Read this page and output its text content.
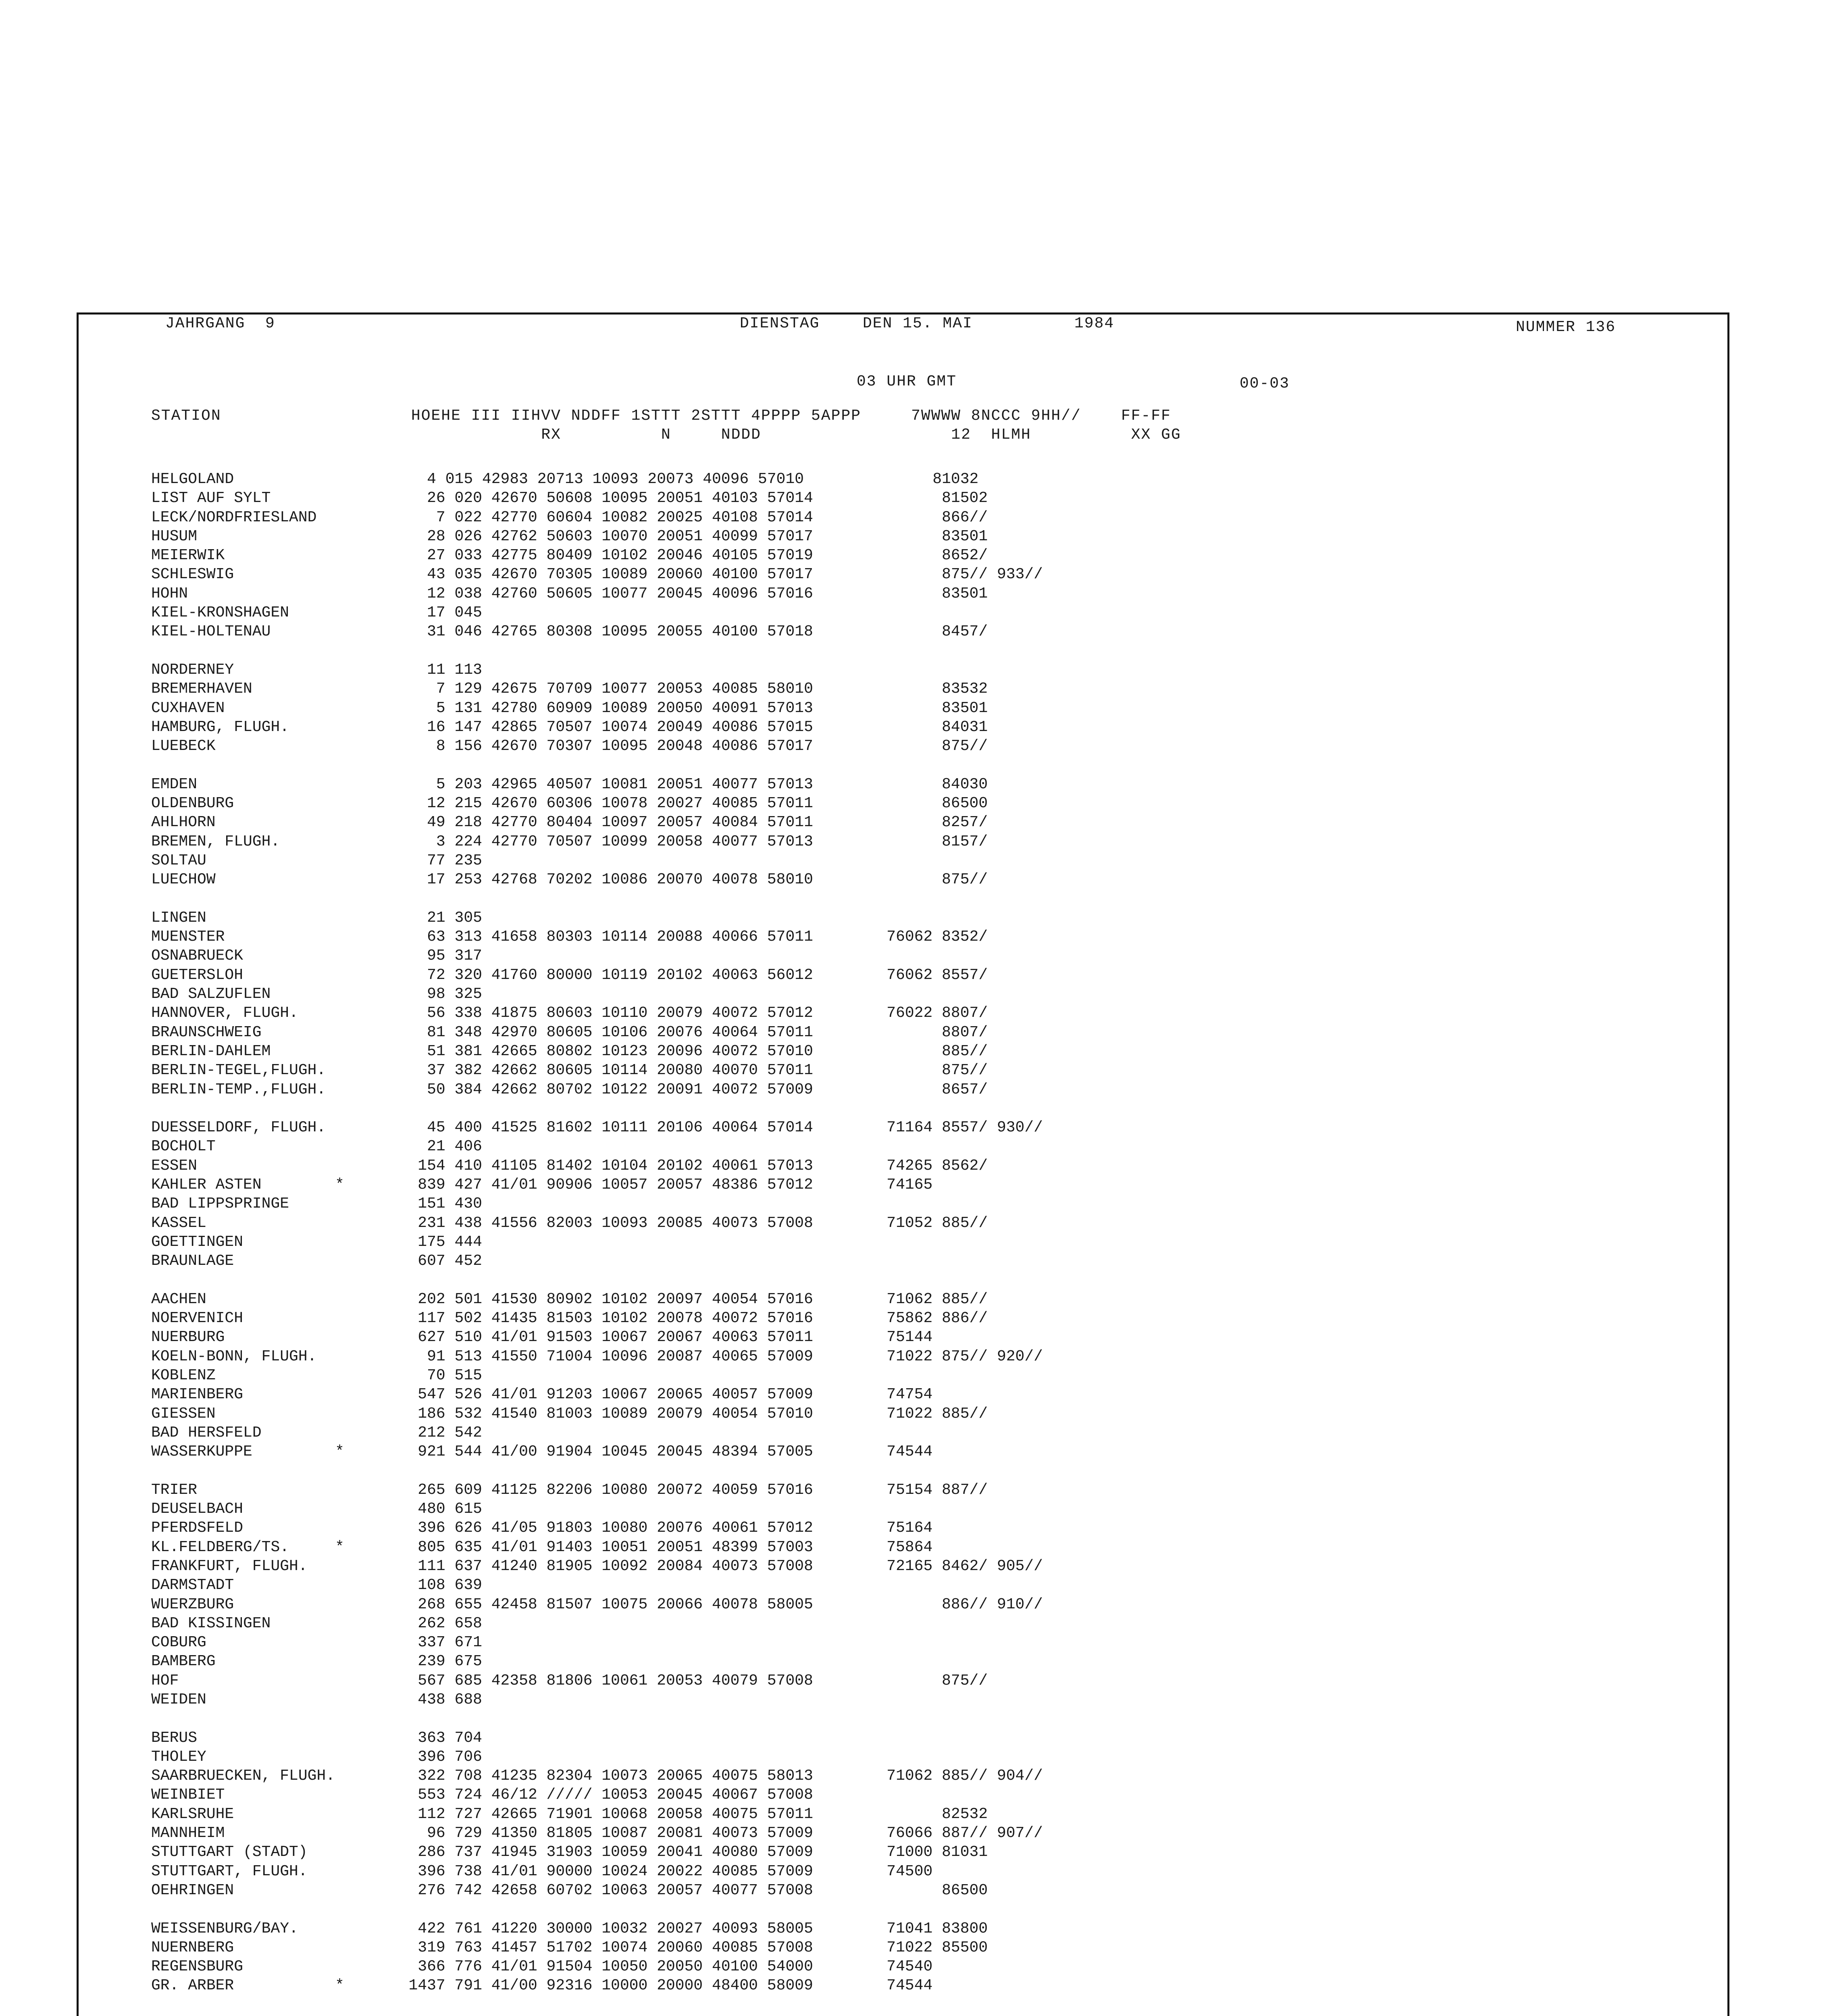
JAHRGANG  9	DIENSTAG	DEN 15. MAI	1984	NUMMER 136
03 UHR GMT	00-03
STATION                   HOEHE III IIHVV NDDFF 1STTT 2STTT 4PPPP 5APPP     7WWWW 8NCCC 9HH//    FF-FF
RX          N     NDDD                   12  HLMH          XX GG
HELGOLAND                     4 015 42983 20713 10093 20073 40096 57010              81032
LIST AUF SYLT                 26 020 42670 50608 10095 20051 40103 57014              81502
LECK/NORDFRIESLAND             7 022 42770 60604 10082 20025 40108 57014              866//
HUSUM                         28 026 42762 50603 10070 20051 40099 57017              83501
MEIERWIK                      27 033 42775 80409 10102 20046 40105 57019              8652/
SCHLESWIG                     43 035 42670 70305 10089 20060 40100 57017              875// 933//
HOHN                          12 038 42760 50605 10077 20045 40096 57016              83501
KIEL-KRONSHAGEN               17 045
KIEL-HOLTENAU                 31 046 42765 80308 10095 20055 40100 57018              8457/
NORDERNEY                     11 113
BREMERHAVEN                    7 129 42675 70709 10077 20053 40085 58010              83532
CUXHAVEN                       5 131 42780 60909 10089 20050 40091 57013              83501
HAMBURG, FLUGH.               16 147 42865 70507 10074 20049 40086 57015              84031
LUEBECK                        8 156 42670 70307 10095 20048 40086 57017              875//
EMDEN                          5 203 42965 40507 10081 20051 40077 57013              84030
OLDENBURG                     12 215 42670 60306 10078 20027 40085 57011              86500
AHLHORN                       49 218 42770 80404 10097 20057 40084 57011              8257/
BREMEN, FLUGH.                 3 224 42770 70507 10099 20058 40077 57013              8157/
SOLTAU                        77 235
LUECHOW                       17 253 42768 70202 10086 20070 40078 58010              875//
LINGEN                        21 305
MUENSTER                      63 313 41658 80303 10114 20088 40066 57011        76062 8352/
OSNABRUECK                    95 317
GUETERSLOH                    72 320 41760 80000 10119 20102 40063 56012        76062 8557/
BAD SALZUFLEN                 98 325
HANNOVER, FLUGH.              56 338 41875 80603 10110 20079 40072 57012        76022 8807/
BRAUNSCHWEIG                  81 348 42970 80605 10106 20076 40064 57011              8807/
BERLIN-DAHLEM                 51 381 42665 80802 10123 20096 40072 57010              885//
BERLIN-TEGEL,FLUGH.           37 382 42662 80605 10114 20080 40070 57011              875//
BERLIN-TEMP.,FLUGH.           50 384 42662 80702 10122 20091 40072 57009              8657/
DUESSELDORF, FLUGH.           45 400 41525 81602 10111 20106 40064 57014        71164 8557/ 930//
BOCHOLT                       21 406
ESSEN                        154 410 41105 81402 10104 20102 40061 57013        74265 8562/
KAHLER ASTEN        *        839 427 41/01 90906 10057 20057 48386 57012        74165
BAD LIPPSPRINGE              151 430
KASSEL                       231 438 41556 82003 10093 20085 40073 57008        71052 885//
GOETTINGEN                   175 444
BRAUNLAGE                    607 452
AACHEN                       202 501 41530 80902 10102 20097 40054 57016        71062 885//
NOERVENICH                   117 502 41435 81503 10102 20078 40072 57016        75862 886//
NUERBURG                     627 510 41/01 91503 10067 20067 40063 57011        75144
KOELN-BONN, FLUGH.            91 513 41550 71004 10096 20087 40065 57009        71022 875// 920//
KOBLENZ                       70 515
MARIENBERG                   547 526 41/01 91203 10067 20065 40057 57009        74754
GIESSEN                      186 532 41540 81003 10089 20079 40054 57010        71022 885//
BAD HERSFELD                 212 542
WASSERKUPPE         *        921 544 41/00 91904 10045 20045 48394 57005        74544
TRIER                        265 609 41125 82206 10080 20072 40059 57016        75154 887//
DEUSELBACH                   480 615
PFERDSFELD                   396 626 41/05 91803 10080 20076 40061 57012        75164
KL.FELDBERG/TS.     *        805 635 41/01 91403 10051 20051 48399 57003        75864
FRANKFURT, FLUGH.            111 637 41240 81905 10092 20084 40073 57008        72165 8462/ 905//
DARMSTADT                    108 639
WUERZBURG                    268 655 42458 81507 10075 20066 40078 58005              886// 910//
BAD KISSINGEN                262 658
COBURG                       337 671
BAMBERG                      239 675
HOF                          567 685 42358 81806 10061 20053 40079 57008              875//
WEIDEN                       438 688
BERUS                        363 704
THOLEY                       396 706
SAARBRUECKEN, FLUGH.         322 708 41235 82304 10073 20065 40075 58013        71062 885// 904//
WEINBIET                     553 724 46/12 ///// 10053 20045 40067 57008
KARLSRUHE                    112 727 42665 71901 10068 20058 40075 57011              82532
MANNHEIM                      96 729 41350 81805 10087 20081 40073 57009        76066 887// 907//
STUTTGART (STADT)            286 737 41945 31903 10059 20041 40080 57009        71000 81031
STUTTGART, FLUGH.            396 738 41/01 90000 10024 20022 40085 57009        74500
OEHRINGEN                    276 742 42658 60702 10063 20057 40077 57008              86500
WEISSENBURG/BAY.             422 761 41220 30000 10032 20027 40093 58005        71041 83800
NUERNBERG                    319 763 41457 51702 10074 20060 40085 57008        71022 85500
REGENSBURG                   366 776 41/01 91504 10050 20050 40100 54000        74540
GR. ARBER           *       1437 791 41/00 92316 10000 20000 48400 58009        74544
